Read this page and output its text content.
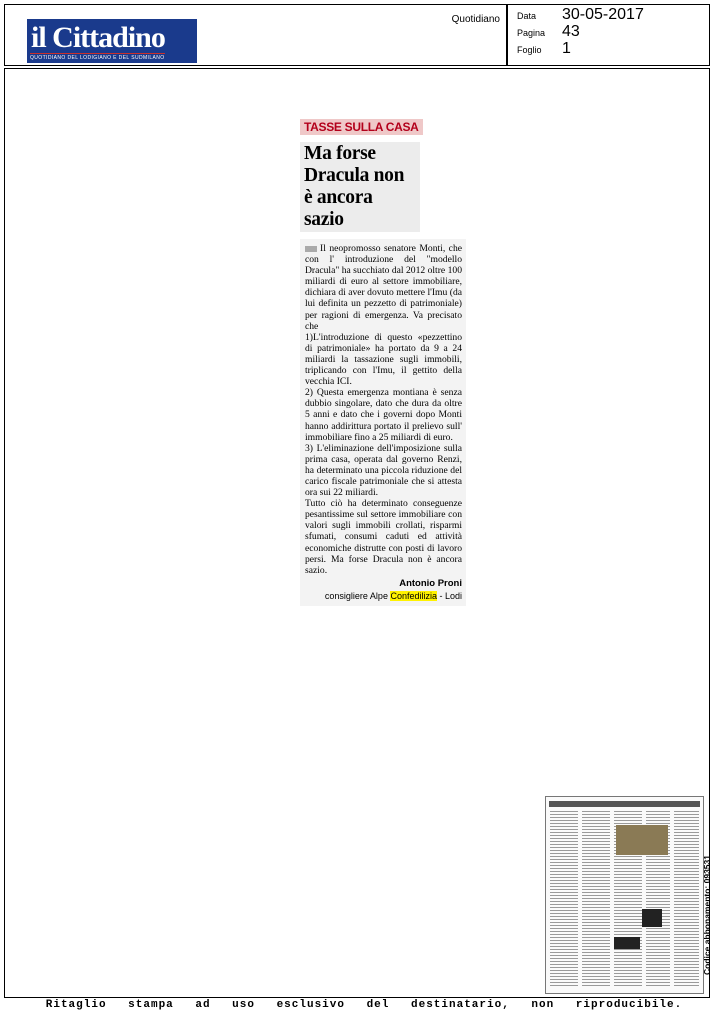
il Cittadino
QUOTIDIANO DEL LODIGIANO E DEL SUDMILANO
Quotidiano Data	30-05-2017
Pagina	43
Foglio	1
TASSE SULLA CASA
Ma forse Dracula non è ancora sazio

Il neopromosso senatore Monti, che con l' introduzione del "modello Dracula" ha succhiato dal 2012 oltre 100 miliardi di euro al settore immobiliare, dichiara di aver dovuto mettere l'Imu (da lui definita un pezzetto di patrimoniale) per ragioni di emergenza. Va precisato che

1)L'introduzione di questo «pezzettino di patrimoniale» ha portato da 9 a 24 miliardi la tassazione sugli immobili, triplicando con l'Imu, il gettito della vecchia ICI.

2) Questa emergenza montiana è senza dubbio singolare, dato che dura da oltre 5 anni e dato che i governi dopo Monti hanno addirittura portato il prelievo sull' immobiliare fino a 25 miliardi di euro.

3) L'eliminazione dell'imposizione sulla prima casa, operata dal governo Renzi, ha determinato una piccola riduzione del carico fiscale patrimoniale che si attesta ora sui 22 miliardi.

Tutto ciò ha determinato conseguenze pesantissime sul settore immobiliare con valori sugli immobili crollati, risparmi sfumati, consumi caduti ed attività economiche distrutte con posti di lavoro persi. Ma forse Dracula non è ancora sazio.

Antonio Proni
consigliere Alpe Confedilizia - Lodi
Codice abbonamento: 093531
Ritaglio stampa ad uso esclusivo del destinatario, non riproducibile.
